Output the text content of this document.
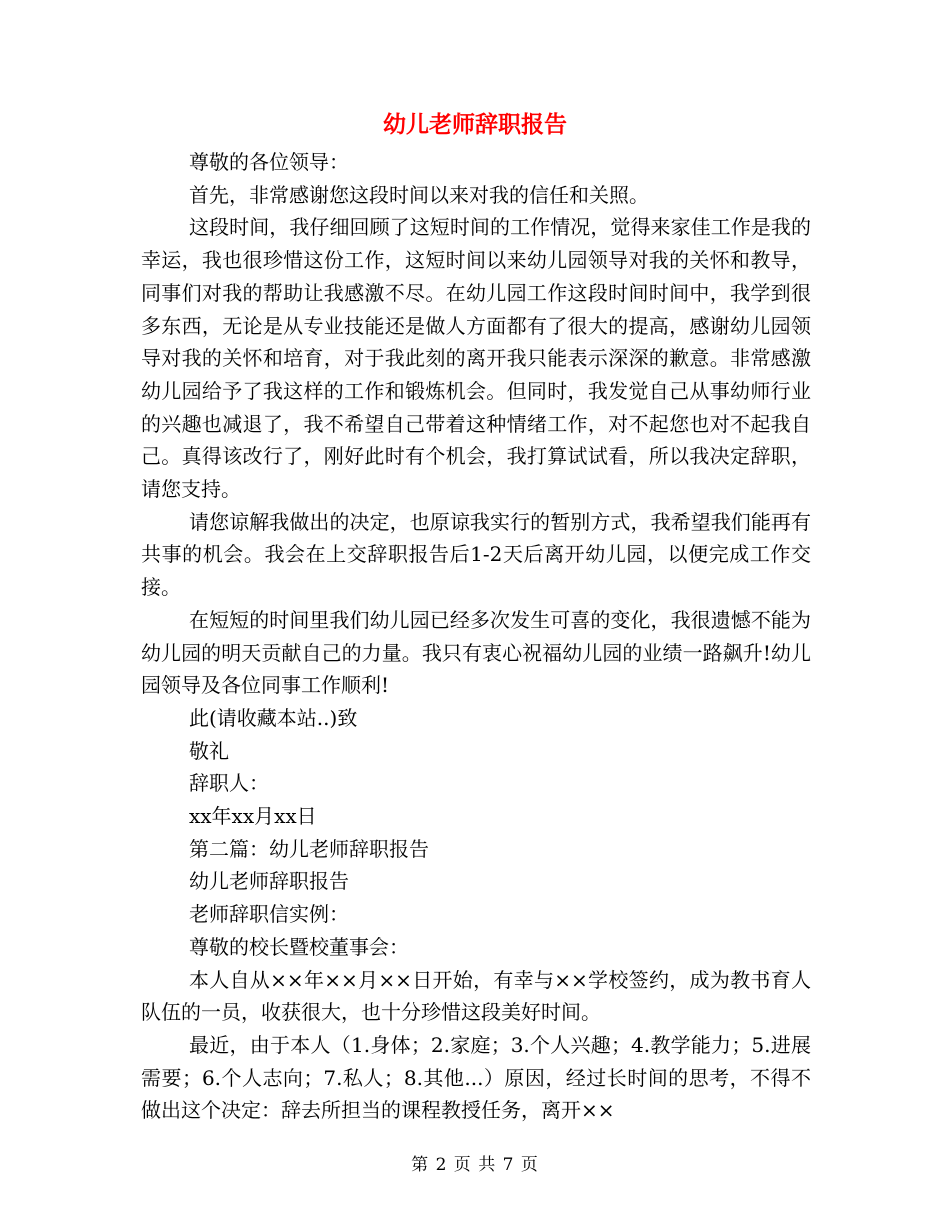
幼儿老师辞职报告

尊敬的各位领导：

首先，非常感谢您这段时间以来对我的信任和关照。

这段时间，我仔细回顾了这短时间的工作情况，觉得来家佳工作是我的幸运，我也很珍惜这份工作，这短时间以来幼儿园领导对我的关怀和教导，同事们对我的帮助让我感激不尽。在幼儿园工作这段时间时间中，我学到很多东西，无论是从专业技能还是做人方面都有了很大的提高，感谢幼儿园领导对我的关怀和培育，对于我此刻的离开我只能表示深深的歉意。非常感激幼儿园给予了我这样的工作和锻炼机会。但同时，我发觉自己从事幼师行业的兴趣也减退了，我不希望自己带着这种情绪工作，对不起您也对不起我自己。真得该改行了，刚好此时有个机会，我打算试试看，所以我决定辞职，请您支持。

请您谅解我做出的决定，也原谅我实行的暂别方式，我希望我们能再有共事的机会。我会在上交辞职报告后1-2天后离开幼儿园，以便完成工作交接。

在短短的时间里我们幼儿园已经多次发生可喜的变化，我很遗憾不能为幼儿园的明天贡献自己的力量。我只有衷心祝福幼儿园的业绩一路飙升!幼儿园领导及各位同事工作顺利!

此(请收藏本站..)致

敬礼

辞职人：

xx年xx月xx日

第二篇：幼儿老师辞职报告

幼儿老师辞职报告

老师辞职信实例：

尊敬的校长暨校董事会：

本人自从××年××月××日开始，有幸与××学校签约，成为教书育人队伍的一员，收获很大，也十分珍惜这段美好时间。

最近，由于本人（1.身体；2.家庭；3.个人兴趣；4.教学能力；5.进展需要；6.个人志向；7.私人；8.其他...）原因，经过长时间的思考，不得不做出这个决定：辞去所担当的课程教授任务，离开××

第 2 页 共 7 页
